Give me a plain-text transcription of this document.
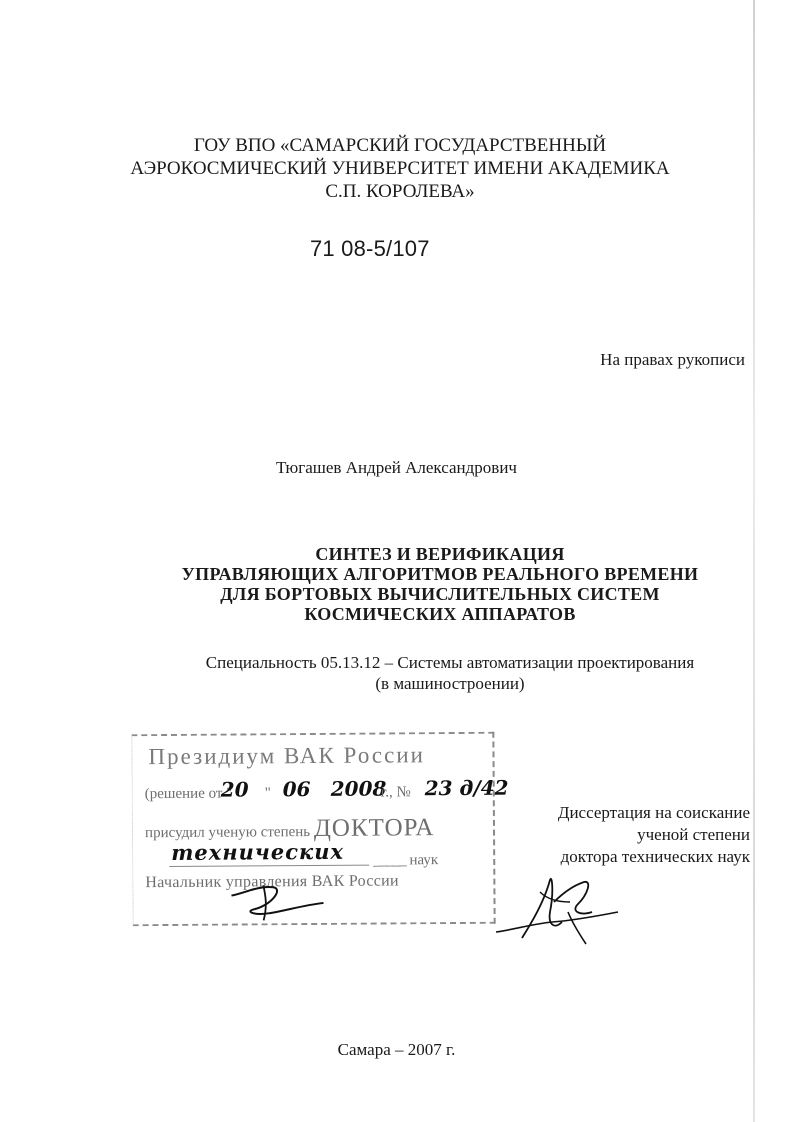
ГОУ ВПО «САМАРСКИЙ ГОСУДАРСТВЕННЫЙ
АЭРОКОСМИЧЕСКИЙ УНИВЕРСИТЕТ ИМЕНИ АКАДЕМИКА
С.П. КОРОЛЕВА»
71 08-5/107
На правах рукописи
Тюгашев Андрей Александрович
СИНТЕЗ И ВЕРИФИКАЦИЯ
УПРАВЛЯЮЩИХ АЛГОРИТМОВ РЕАЛЬНОГО ВРЕМЕНИ
ДЛЯ БОРТОВЫХ ВЫЧИСЛИТЕЛЬНЫХ СИСТЕМ
КОСМИЧЕСКИХ АППАРАТОВ
Специальность 05.13.12 – Системы автоматизации проектирования
(в машиностроении)
Президиум ВАК России
(решение от "
20 " 06 2008
г., № 23 д/42
присудил ученую степень ДОКТОРА
технических _____ наук
Начальник управления ВАК России
Диссертация на соискание
ученой степени
доктора технических наук
Самара – 2007 г.
